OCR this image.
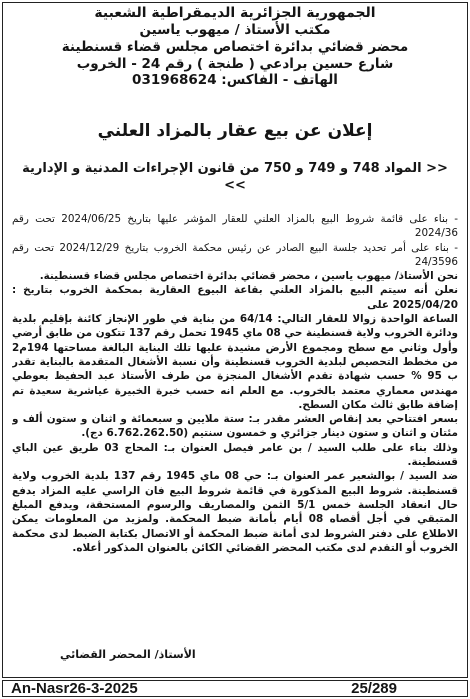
الجمهورية الجزائرية الديمقراطية الشعبية
مكتب الأستاذ / ميهوب ياسين
محضر قضائي بدائرة اختصاص مجلس قضاء قسنطينة
شارع حسين برادعي ( طنجة ) رقم 24 - الخروب
الهاتف - الفاكس: 031968624
إعلان عن بيع عقار بالمزاد العلني
<< المواد 748 و 749 و 750 من قانون الإجراءات المدنية و الإدارية >>

- بناء على قائمة شروط البيع بالمزاد العلني للعقار المؤشر عليها بتاريخ 2024/06/25 تحت رقم 2024/36

- بناء على أمر تحديد جلسة البيع الصادر عن رئيس محكمة الخروب بتاريخ 2024/12/29 تحت رقم 24/3596

نحن الأستاذ/ ميهوب ياسين ، محضر قضائي بدائرة اختصاص مجلس قضاء قسنطينة.

نعلن أنه سيتم البيع بالمزاد العلني بقاعة البيوع العقارية بمحكمة الخروب بتاريخ : 2025/04/20 على

الساعة الواحدة زوالا للعقار التالي: 64/14 من بناية في طور الإنجاز كائنة بإقليم بلدية ودائرة الخروب ولاية قسنطينة حي 08 ماي 1945 تحمل رقم 137 تتكون من طابق أرضي وأول وثاني مع سطح ومجموع الأرض مشيدة عليها تلك البناية البالغة مساحتها 194م2 من مخطط التحصيص لبلدية الخروب قسنطينة وأن نسبة الأشغال المتقدمة بالبناية تقدر ب 95 % حسب شهادة تقدم الأشغال المنجزة من طرف الأستاذ عبد الحفيظ بعوطي مهندس معماري معتمد بالخروب. مع العلم انه حسب خبرة الخبيرة عياشرية سعيدة تم إضافة طابق ثالث مكان السطح.

بسعر افتتاحي بعد إنقاص العشر مقدر بـ: ستة ملايين و سبعمائة و اثنان و ستون ألف و مئتان و اثنان و ستون دينار جزائري و خمسون سنتيم (6.762.262.50 دج).

وذلك بناء على طلب السيد / بن عامر فيصل العنوان بـ: المحاج 03 طريق عين الباي قسنطينة.

ضد السيد / بوالشعير عمر العنوان بـ: حي 08 ماي 1945 رقم 137 بلدية الخروب ولاية قسنطينة. شروط البيع المذكورة في قائمة شروط البيع فان الراسي عليه المزاد يدفع حال انعقاد الجلسة خمس 5/1 الثمن والمصاريف والرسوم المستحقة، ويدفع المبلغ المتبقي في أجل أقصاه 08 أيام بأمانة ضبط المحكمة. ولمزيد من المعلومات يمكن الاطلاع على دفتر الشروط لدى أمانة ضبط المحكمة أو الاتصال بكتابة الضبط لدى محكمة الخروب أو التقدم لدى مكتب المحضر القضائي الكائن بالعنوان المذكور أعلاه.

الأستاذ/ المحضر القضائي
An-Nasr26-3-2025	25/289
